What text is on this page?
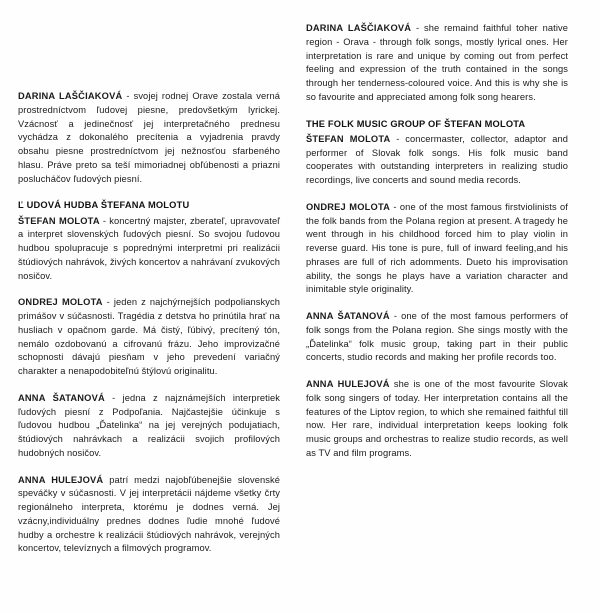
DARINA LAŠČIAKOVÁ - svojej rodnej Orave zostala verná prostredníctvom ľudovej piesne, predovšetkým lyrickej. Vzácnosť a jedinečnosť jej interpretačného prednesu vychádza z dokonalého precítenia a vyjadrenia pravdy obsahu piesne prostredníctvom jej nežnosťou sfarbeného hlasu. Práve preto sa teší mimoriadnej obľúbenosti a priazni poslucháčov ľudových piesní.

Ľ UDOVÁ HUDBA ŠTEFANA MOLOTU

ŠTEFAN MOLOTA - koncertný majster, zberateľ, upravovateľ a interpret slovenských ľudových piesní. So svojou ľudovou hudbou spolupracuje s poprednými interpretmi pri realizácii štúdiových nahrávok, živých koncertov a nahrávaní zvukových nosičov.

ONDREJ MOLOTA - jeden z najchýrnejších podpolianskych primášov v súčasnosti. Tragédia z detstva ho prinútila hrať na husliach v opačnom garde. Má čistý, ľúbivý, precítený tón, nemálo ozdobovanú a cifrovanú frázu. Jeho improvizačné schopnosti dávajú piesňam v jeho prevedení variačný charakter a nenapodobiteľnú štýlovú originalitu.

ANNA ŠATANOVÁ - jedna z najznámejších interpretiek ľudových piesní z Podpoľania. Najčastejšie účinkuje s ľudovou hudbou „Ďatelinka“ na jej verejných podujatiach, štúdiových nahrávkach a realizácii svojich profilových hudobných nosičov.

ANNA HULEJOVÁ patrí medzi najobľúbenejšie slovenské speváčky v súčasnosti. V jej interpretácii nájdeme všetky črty regionálneho interpreta, ktorému je dodnes verná. Jej vzácny,individuálny prednes dodnes ľudie mnohé ľudové hudby a orchestre k realizácii štúdiových nahrávok, verejných koncertov, televíznych a filmových programov.

DARINA LAŠČIAKOVÁ - she remaind faithful toher native region - Orava - through folk songs, mostly lyrical ones. Her interpretation is rare and unique by coming out from perfect feeling and expression of the truth contained in the songs through her tenderness-coloured voice. And this is why she is so favourite and appreciated among folk song hearers.

THE FOLK MUSIC GROUP OF ŠTEFAN MOLOTA

ŠTEFAN MOLOTA - concermaster, collector, adaptor and performer of Slovak folk songs. His folk music band cooperates with outstanding interpreters in realizing studio recordings, live concerts and sound media records.

ONDREJ MOLOTA - one of the most famous firstviolinists of the folk bands from the Polana region at present. A tragedy he went through in his childhood forced him to play violin in reverse guard. His tone is pure, full of inward feeling,and his phrases are full of rich adomments. Dueto his improvisation ability, the songs he plays have a variation character and inimitable style originality.

ANNA ŠATANOVÁ - one of the most famous performers of folk songs from the Polana region. She sings mostly with the „Ďatelinka“ folk music group, taking part in their public concerts, studio records and making her profile records too.

ANNA HULEJOVÁ she is one of the most favourite Slovak folk song singers of today. Her interpretation contains all the features of the Liptov region, to which she remained faithful till now. Her rare, individual interpretation keeps looking folk music groups and orchestras to realize studio records, as well as TV and film programs.
